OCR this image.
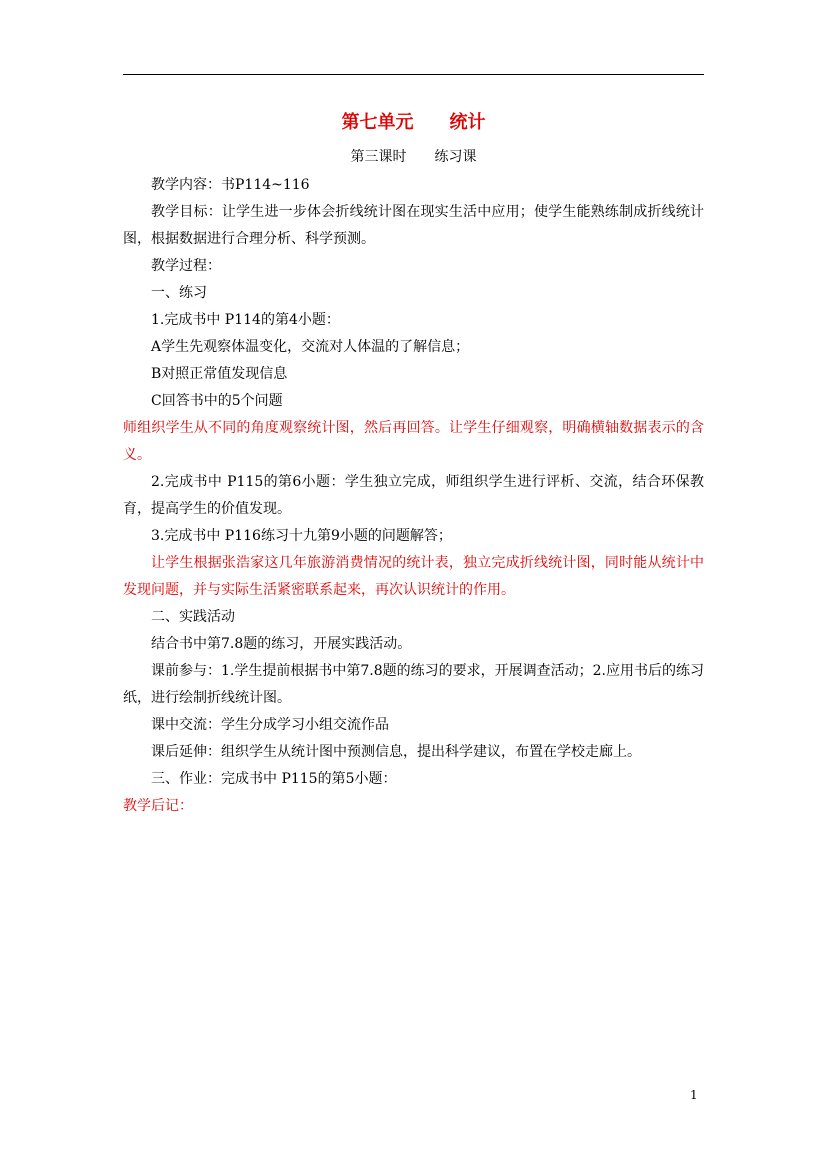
第七单元　　统计
第三课时　　练习课

教学内容：书P114~116

教学目标：让学生进一步体会折线统计图在现实生活中应用；使学生能熟练制成折线统计图，根据数据进行合理分析、科学预测。

教学过程：

一、练习

1.完成书中 P114的第4小题：

A学生先观察体温变化，交流对人体温的了解信息；

B对照正常值发现信息

C回答书中的5个问题

师组织学生从不同的角度观察统计图，然后再回答。让学生仔细观察，明确横轴数据表示的含义。

2.完成书中 P115的第6小题：学生独立完成，师组织学生进行评析、交流，结合环保教育，提高学生的价值发现。

3.完成书中 P116练习十九第9小题的问题解答；

让学生根据张浩家这几年旅游消费情况的统计表，独立完成折线统计图，同时能从统计中发现问题，并与实际生活紧密联系起来，再次认识统计的作用。

二、实践活动

结合书中第7.8题的练习，开展实践活动。

课前参与：1.学生提前根据书中第7.8题的练习的要求，开展调查活动；2.应用书后的练习纸，进行绘制折线统计图。

课中交流：学生分成学习小组交流作品

课后延伸：组织学生从统计图中预测信息，提出科学建议，布置在学校走廊上。

三、作业：完成书中 P115的第5小题：

教学后记：

1
